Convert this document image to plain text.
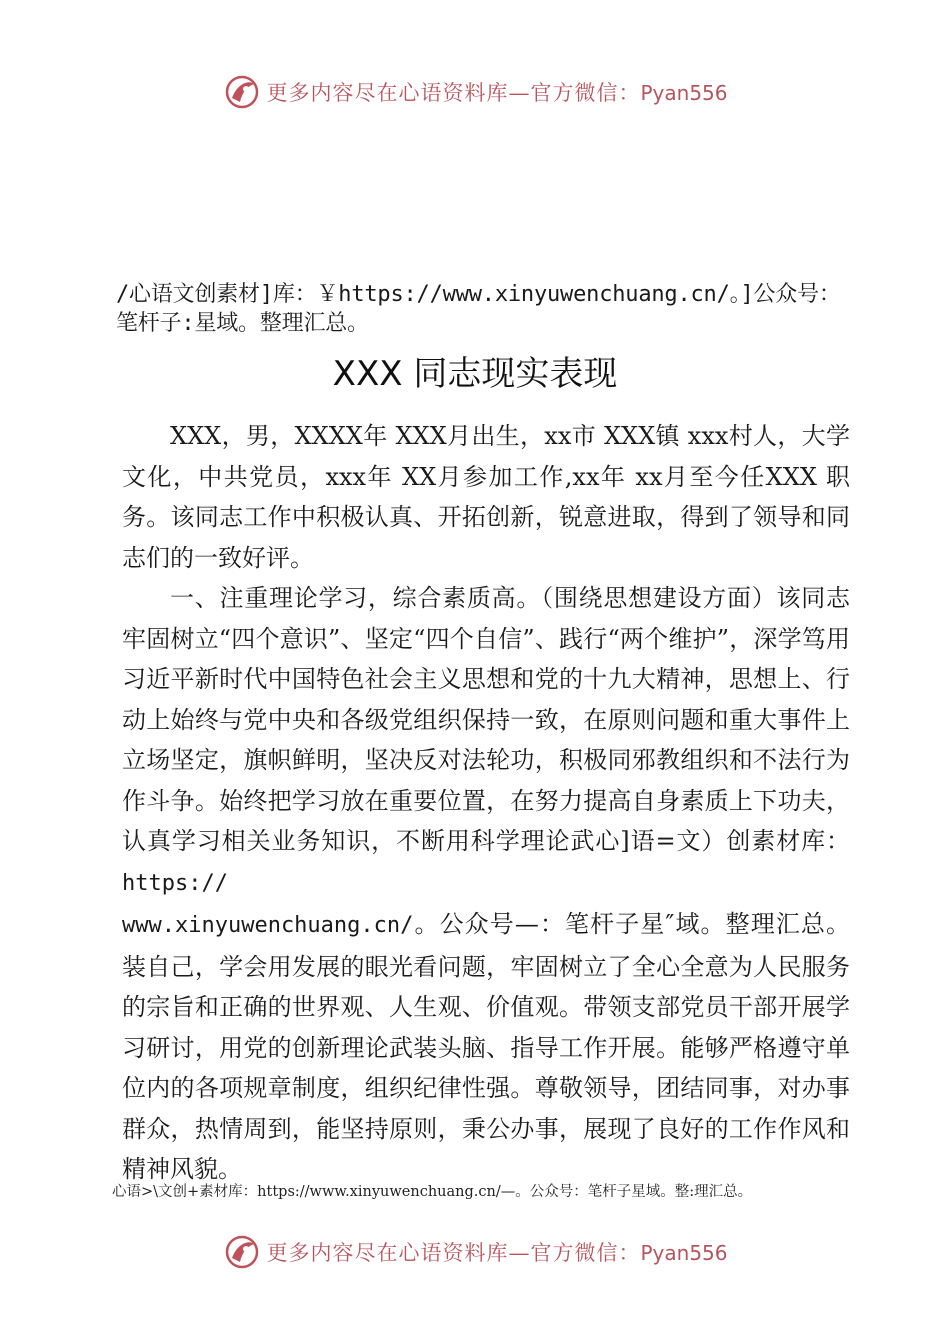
更多内容尽在心语资料库—官方微信：Pyan556

/心语文创素材]库：￥https://www.xinyuwenchuang.cn/。]公众号：笔杆子:星域。整理汇总。

XXX 同志现实表现

XXX，男，XXXX年 XXX月出生，xx市 XXX镇 xxx村人，大学文化，中共党员，xxx年 XX月参加工作,xx年 xx月至今任XXX 职务。该同志工作中积极认真、开拓创新，锐意进取，得到了领导和同志们的一致好评。

一、注重理论学习，综合素质高。（围绕思想建设方面）该同志牢固树立“四个意识”、坚定“四个自信”、践行“两个维护”，深学笃用习近平新时代中国特色社会主义思想和党的十九大精神，思想上、行动上始终与党中央和各级党组织保持一致，在原则问题和重大事件上立场坚定，旗帜鲜明，坚决反对法轮功，积极同邪教组织和不法行为作斗争。始终把学习放在重要位置，在努力提高自身素质上下功夫，认真学习相关业务知识，不断用科学理论武心]语=文）创素材库：https://
www.xinyuwenchuang.cn/。公众号—：笔杆子星″域。整理汇总。装自己，学会用发展的眼光看问题，牢固树立了全心全意为人民服务的宗旨和正确的世界观、人生观、价值观。带领支部党员干部开展学习研讨，用党的创新理论武装头脑、指导工作开展。能够严格遵守单位内的各项规章制度，组织纪律性强。尊敬领导，团结同事，对办事群众，热情周到，能坚持原则，秉公办事，展现了良好的工作作风和精神风貌。

心语>\文创+素材库：https://www.xinyuwenchuang.cn/—。公众号：笔杆子星域。整:理汇总。

更多内容尽在心语资料库—官方微信：Pyan556
